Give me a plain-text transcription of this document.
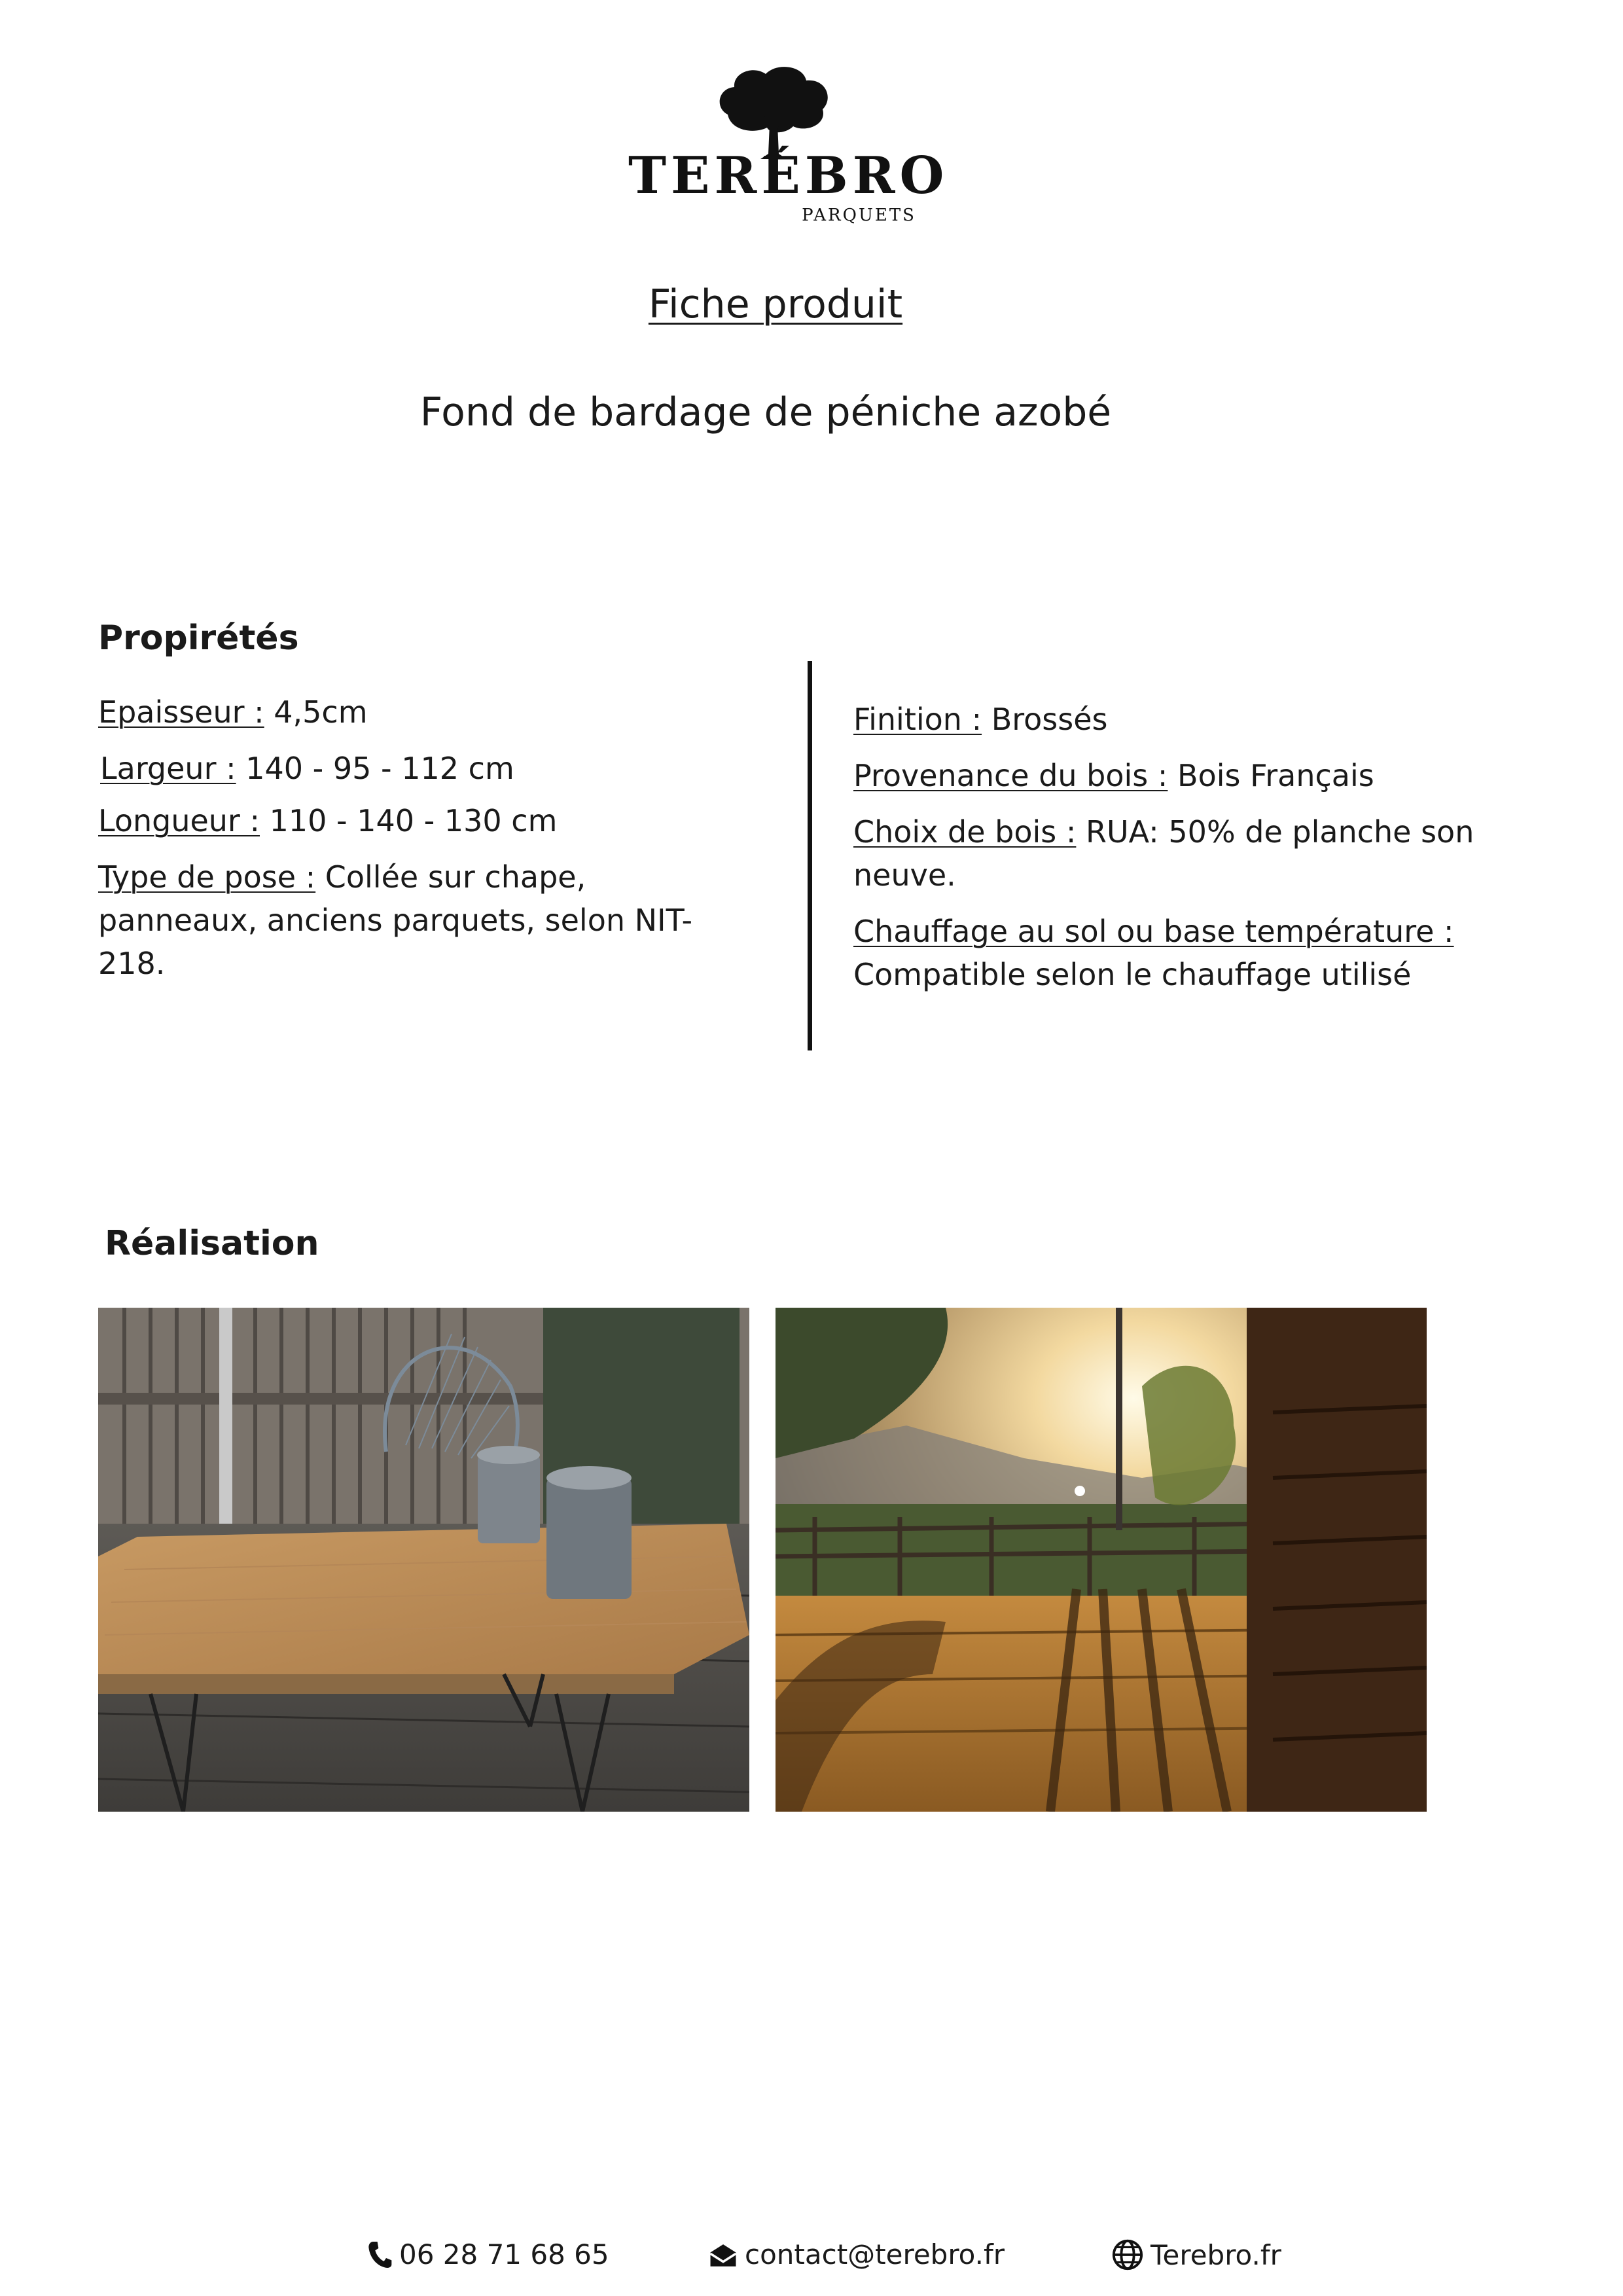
TERÉBRO
PARQUETS
Fiche produit
Fond de bardage de péniche azobé
Propirétés
Epaisseur : 4,5cm
Largeur : 140 - 95 - 112 cm
Longueur : 110 - 140 - 130 cm
Type de pose : Collée sur chape, panneaux, anciens parquets, selon NIT-218.
Finition : Brossés
Provenance du bois : Bois Français
Choix de bois : RUA: 50% de planche son neuve.
Chauffage au sol ou base température :
Compatible selon le chauffage utilisé
Réalisation
06 28 71 68 65	contact@terebro.fr	Terebro.fr
